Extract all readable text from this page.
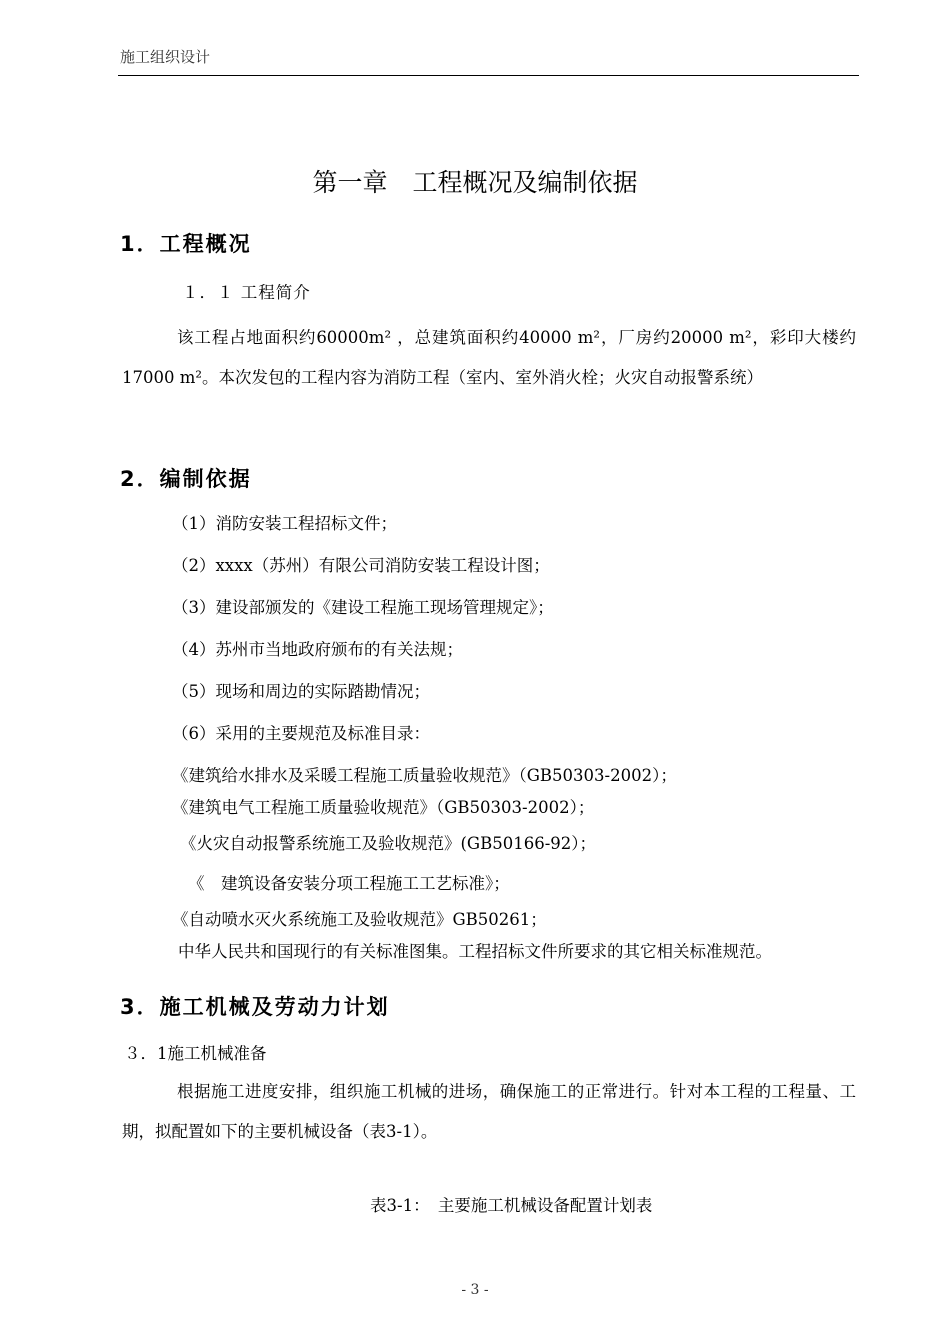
施工组织设计
第一章　工程概况及编制依据
1．工程概况
１．１ 工程简介
该工程占地面积约60000m² ，总建筑面积约40000 m²，厂房约20000 m²，彩印大楼约17000 m²。本次发包的工程内容为消防工程（室内、室外消火栓；火灾自动报警系统）
2．编制依据
（1）消防安装工程招标文件；
（2）xxxx（苏州）有限公司消防安装工程设计图；
（3）建设部颁发的《建设工程施工现场管理规定》；
（4）苏州市当地政府颁布的有关法规；
（5）现场和周边的实际踏勘情况；
（6）采用的主要规范及标准目录：
《建筑给水排水及采暖工程施工质量验收规范》（GB50303-2002）；
《建筑电气工程施工质量验收规范》（GB50303-2002）；
《火灾自动报警系统施工及验收规范》(GB50166-92）；
《　建筑设备安装分项工程施工工艺标准》；
《自动喷水灭火系统施工及验收规范》GB50261；
中华人民共和国现行的有关标准图集。工程招标文件所要求的其它相关标准规范。
3．施工机械及劳动力计划
３．1施工机械准备
根据施工进度安排，组织施工机械的进场，确保施工的正常进行。针对本工程的工程量、工期，拟配置如下的主要机械设备（表3-1）。
表3-1：　主要施工机械设备配置计划表
- 3 -
